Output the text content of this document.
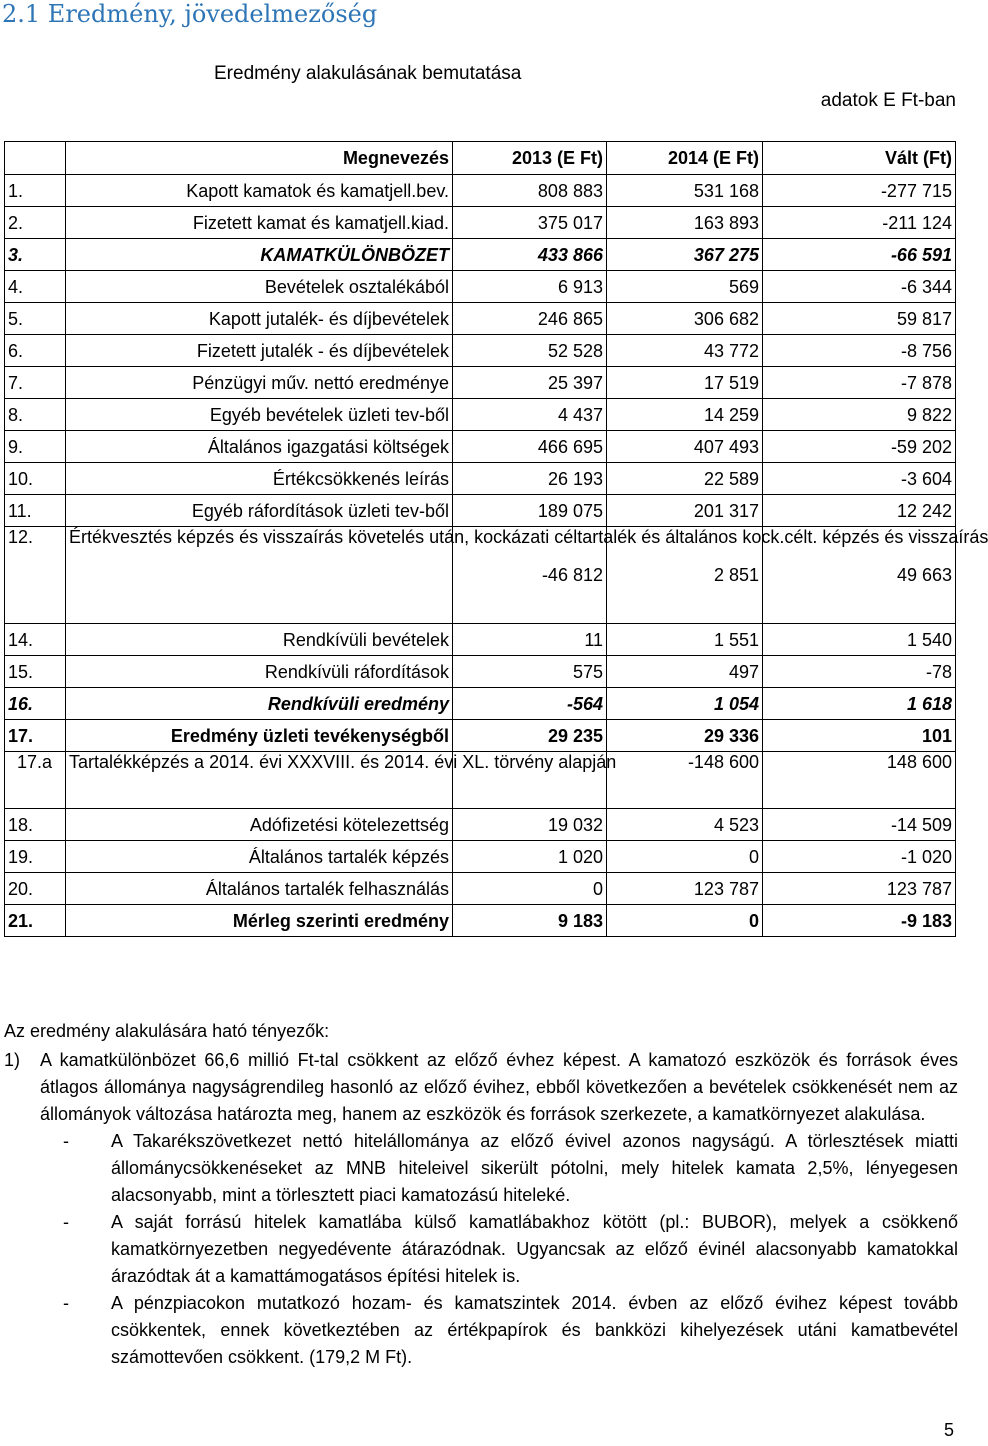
2.1 Eredmény, jövedelmezőség
Eredmény alakulásának bemutatása
adatok E Ft-ban
	Megnevezés	2013 (E Ft)	2014 (E Ft)	Vált (Ft)
1.	Kapott kamatok és kamatjell.bev.	808 883	531 168	-277 715
2.	Fizetett kamat és kamatjell.kiad.	375 017	163 893	-211 124
3.	KAMATKÜLÖNBÖZET	433 866	367 275	-66 591
4.	Bevételek osztalékából	6 913	569	-6 344
5.	Kapott jutalék- és díjbevételek	246 865	306 682	59 817
6.	Fizetett jutalék - és díjbevételek	52 528	43 772	-8 756
7.	Pénzügyi műv. nettó eredménye	25 397	17 519	-7 878
8.	Egyéb bevételek üzleti tev-ből	4 437	14 259	9 822
9.	Általános igazgatási költségek	466 695	407 493	-59 202
10.	Értékcsökkenés leírás	26 193	22 589	-3 604
11.	Egyéb ráfordítások üzleti tev-ből	189 075	201 317	12 242
12.	Értékvesztés képzés és visszaírás követelés után, kockázati céltartalék és általános kock.célt. képzés és visszaírás	-46 812	2 851	49 663
14.	Rendkívüli bevételek	11	1 551	1 540
15.	Rendkívüli ráfordítások	575	497	-78
16.	Rendkívüli eredmény	-564	1 054	1 618
17.	Eredmény üzleti tevékenységből	29 235	29 336	101
17.a	Tartalékképzés a 2014. évi XXXVIII. és 2014. évi XL. törvény alapján		-148 600	148 600
18.	Adófizetési kötelezettség	19 032	4 523	-14 509
19.	Általános tartalék képzés	1 020	0	-1 020
20.	Általános tartalék felhasználás	0	123 787	123 787
21.	Mérleg szerinti eredmény	9 183	0	-9 183

Az eredmény alakulására ható tényezők:

1)	A kamatkülönbözet 66,6 millió Ft-tal csökkent az előző évhez képest. A kamatozó eszközök és források éves átlagos állománya nagyságrendileg hasonló az előző évihez, ebből következően a bevételek csökkenését nem az állományok változása határozta meg, hanem az eszközök és források szerkezete, a kamatkörnyezet alakulása.
-	A Takarékszövetkezet nettó hitelállománya az előző évivel azonos nagyságú. A törlesztések miatti állománycsökkenéseket az MNB hiteleivel sikerült pótolni, mely hitelek kamata 2,5%, lényegesen alacsonyabb, mint a törlesztett piaci kamatozású hiteleké.
-	A saját forrású hitelek kamatlába külső kamatlábakhoz kötött (pl.: BUBOR), melyek a csökkenő kamatkörnyezetben negyedévente átárazódnak. Ugyancsak az előző évinél alacsonyabb kamatokkal árazódtak át a kamattámogatásos építési hitelek is.
-	A pénzpiacokon mutatkozó hozam- és kamatszintek 2014. évben az előző évihez képest tovább csökkentek, ennek következtében az értékpapírok és bankközi kihelyezések utáni kamatbevétel számottevően csökkent. (179,2 M Ft).
5
